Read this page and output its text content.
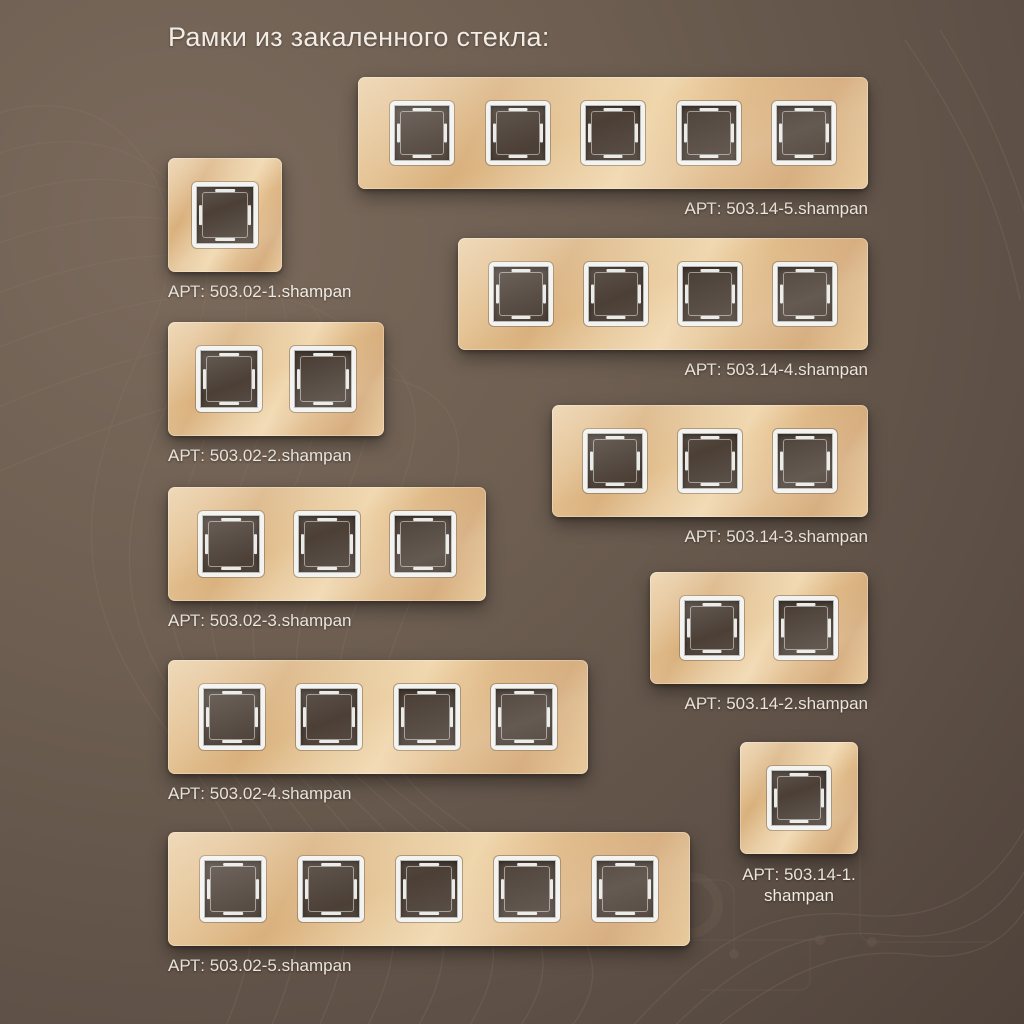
Рамки из закаленного стекла:
АРТ: 503.02-1.shampan
АРТ: 503.02-2.shampan
АРТ: 503.02-3.shampan
АРТ: 503.02-4.shampan
АРТ: 503.02-5.shampan
АРТ: 503.14-5.shampan
АРТ: 503.14-4.shampan
АРТ: 503.14-3.shampan
АРТ: 503.14-2.shampan
АРТ: 503.14-1. shampan
